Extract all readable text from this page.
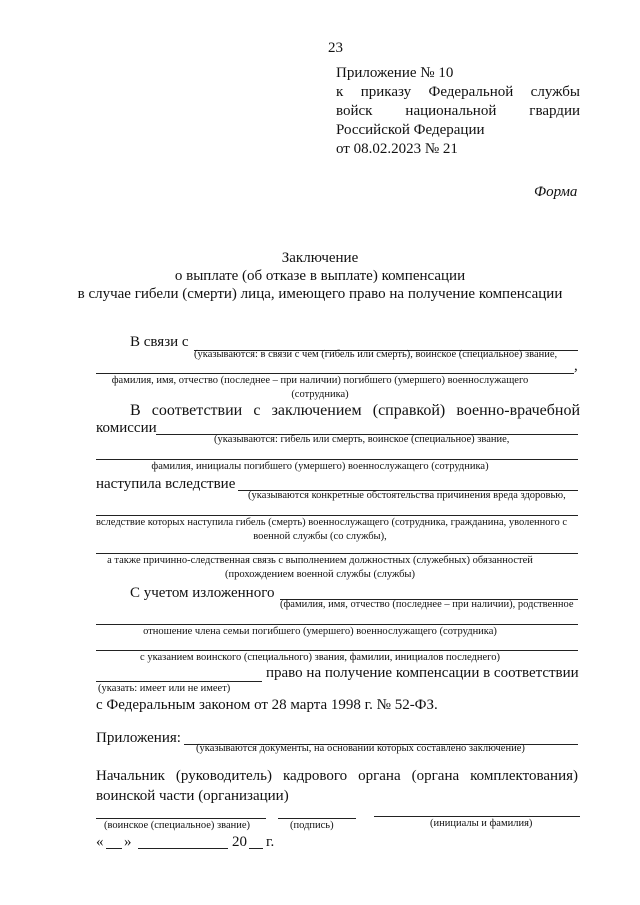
23
Приложение № 10
к приказу Федеральной службы
войск национальной гвардии
Российской Федерации
от 08.02.2023 № 21
Форма
Заключение
о выплате (об отказе в выплате) компенсации
в случае гибели (смерти) лица, имеющего право на получение компенсации
В связи с
(указываются: в связи с чем (гибель или смерть), воинское (специальное) звание,
,
фамилия, имя, отчество (последнее – при наличии) погибшего (умершего) военнослужащего
(сотрудника)
В соответствии с заключением (справкой) военно-врачебной
комиссии
(указываются: гибель или смерть, воинское (специальное) звание,
фамилия, инициалы погибшего (умершего) военнослужащего (сотрудника)
наступила вследствие
(указываются конкретные обстоятельства причинения вреда здоровью,
вследствие которых наступила гибель (смерть) военнослужащего (сотрудника, гражданина, уволенного с
военной службы (со службы),
а также причинно-следственная связь с выполнением должностных (служебных) обязанностей
(прохождением военной службы (службы)
С учетом изложенного
(фамилия, имя, отчество (последнее – при наличии), родственное
отношение члена семьи погибшего (умершего) военнослужащего (сотрудника)
с указанием воинского (специального) звания, фамилии, инициалов последнего)
право на получение компенсации в соответствии
(указать: имеет или не имеет)
с Федеральным законом от 28 марта 1998 г. № 52-ФЗ.
Приложения:
(указываются документы, на основании которых составлено заключение)
Начальник (руководитель) кадрового органа (органа комплектования)
воинской части (организации)
(воинское (специальное) звание)	(подпись)	(инициалы и фамилия)
« »	20 г.
